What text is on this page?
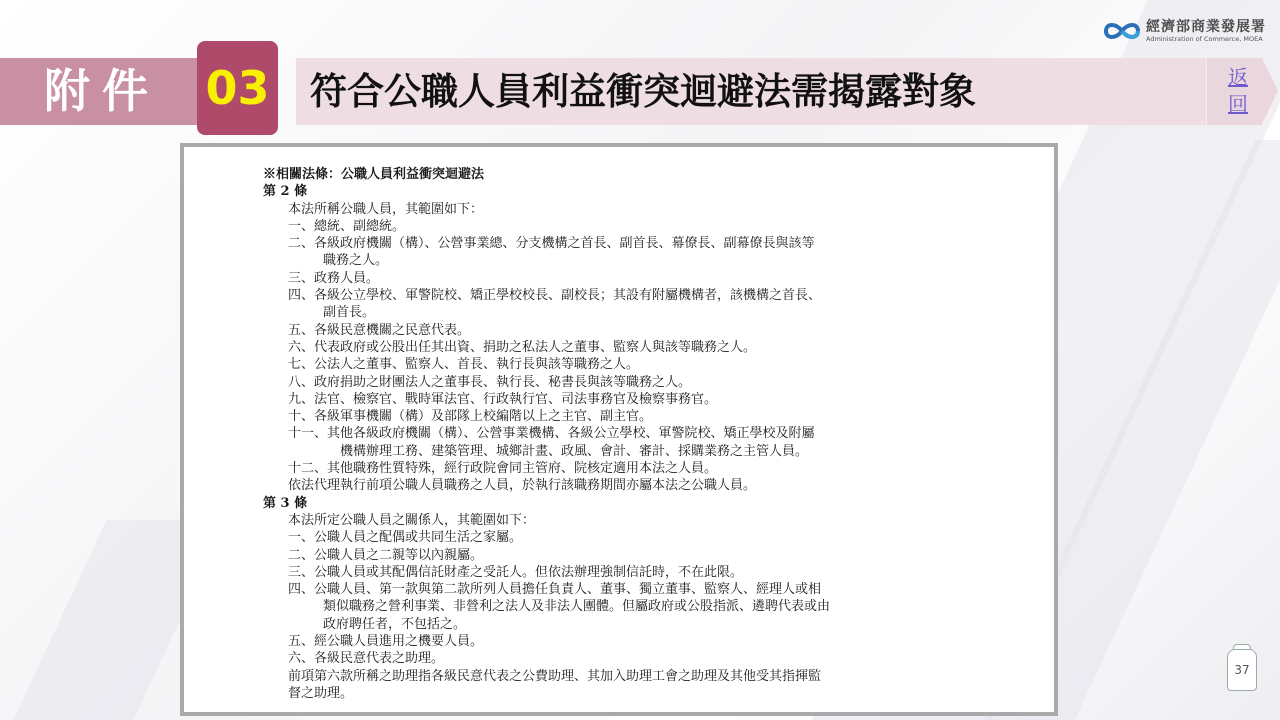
經濟部商業發展署
Administration of Commerce, MOEA
附件 03 符合公職人員利益衝突迴避法需揭露對象	返回
※相關法條：公職人員利益衝突迴避法
第 2 條
本法所稱公職人員，其範圍如下：
一、總統、副總統。
二、各級政府機關（構）、公營事業總、分支機構之首長、副首長、幕僚長、副幕僚長與該等
職務之人。
三、政務人員。
四、各級公立學校、軍警院校、矯正學校校長、副校長；其設有附屬機構者，該機構之首長、
副首長。
五、各級民意機關之民意代表。
六、代表政府或公股出任其出資、捐助之私法人之董事、監察人與該等職務之人。
七、公法人之董事、監察人、首長、執行長與該等職務之人。
八、政府捐助之財團法人之董事長、執行長、秘書長與該等職務之人。
九、法官、檢察官、戰時軍法官、行政執行官、司法事務官及檢察事務官。
十、各級軍事機關（構）及部隊上校編階以上之主官、副主官。
十一、其他各級政府機關（構）、公營事業機構、各級公立學校、軍警院校、矯正學校及附屬
機構辦理工務、建築管理、城鄉計畫、政風、會計、審計、採購業務之主管人員。
十二、其他職務性質特殊，經行政院會同主管府、院核定適用本法之人員。
依法代理執行前項公職人員職務之人員，於執行該職務期間亦屬本法之公職人員。
第 3 條
本法所定公職人員之關係人，其範圍如下：
一、公職人員之配偶或共同生活之家屬。
二、公職人員之二親等以內親屬。
三、公職人員或其配偶信託財產之受託人。但依法辦理強制信託時，不在此限。
四、公職人員、第一款與第二款所列人員擔任負責人、董事、獨立董事、監察人、經理人或相
類似職務之營利事業、非營利之法人及非法人團體。但屬政府或公股指派、遴聘代表或由
政府聘任者，不包括之。
五、經公職人員進用之機要人員。
六、各級民意代表之助理。
前項第六款所稱之助理指各級民意代表之公費助理、其加入助理工會之助理及其他受其指揮監
督之助理。
37
